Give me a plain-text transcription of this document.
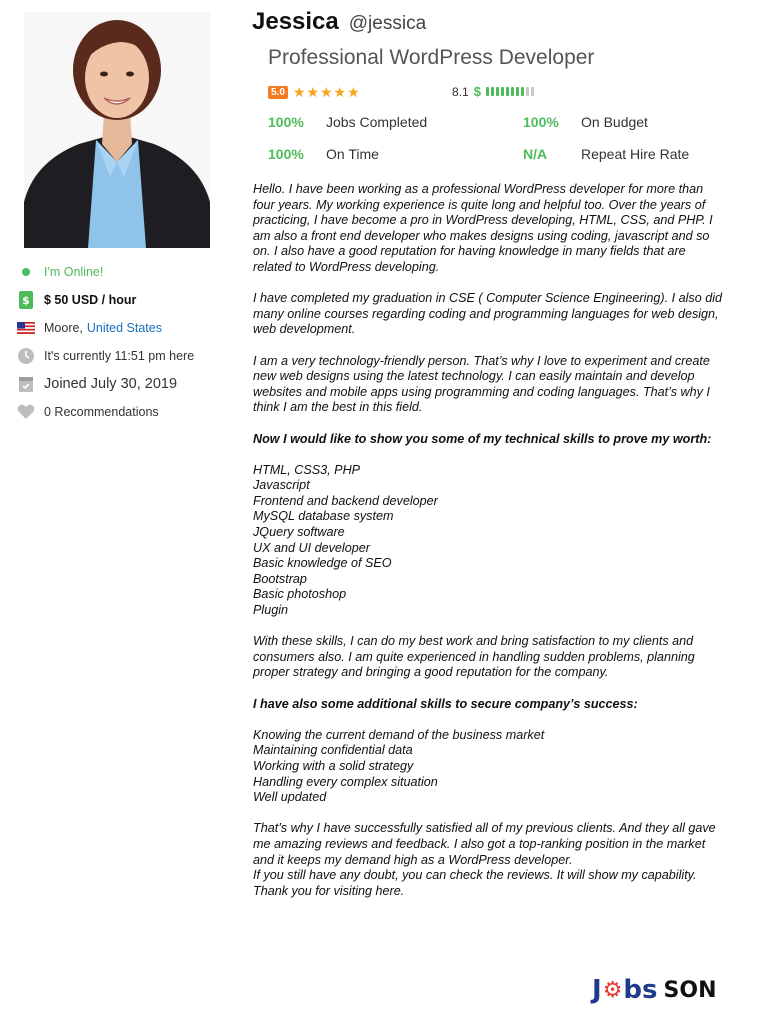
I'm Online!
$ $ 50 USD / hour
Moore, United States
It's currently 11:51 pm here
Joined July 30, 2019
0 Recommendations
Jessica @jessica
Professional WordPress Developer
5.0 ★★★★★	8.1 $
100%	Jobs Completed	100%	On Budget
100%	On Time	N/A	Repeat Hire Rate

Hello. I have been working as a professional WordPress developer for more than four years. My working experience is quite long and helpful too. Over the years of practicing, I have become a pro in WordPress developing, HTML, CSS, and PHP. I am also a front end developer who makes designs using coding, javascript and so on. I also have a good reputation for having knowledge in many fields that are related to WordPress developing.

I have completed my graduation in CSE ( Computer Science Engineering). I also did many online courses regarding coding and programming languages for web design, web development.

I am a very technology-friendly person. That’s why I love to experiment and create new web designs using the latest technology. I can easily maintain and develop websites and mobile apps using programming and coding languages. That’s why I think I am the best in this field.

Now I would like to show you some of my technical skills to prove my worth:

HTML, CSS3, PHP
Javascript
Frontend and backend developer
MySQL database system
JQuery software
UX and UI developer
Basic knowledge of SEO
Bootstrap
Basic photoshop
Plugin

With these skills, I can do my best work and bring satisfaction to my clients and consumers also. I am quite experienced in handling sudden problems, planning proper strategy and bringing a good reputation for the company.

I have also some additional skills to secure company’s success:

Knowing the current demand of the business market
Maintaining confidential data
Working with a solid strategy
Handling every complex situation
Well updated

That’s why I have successfully satisfied all of my previous clients. And they all gave me amazing reviews and feedback. I also got a top-ranking position in the market and it keeps my demand high as a WordPress developer.

If you still have any doubt, you can check the reviews. It will show my capability. Thank you for visiting here.

J ⚙ bs SON
